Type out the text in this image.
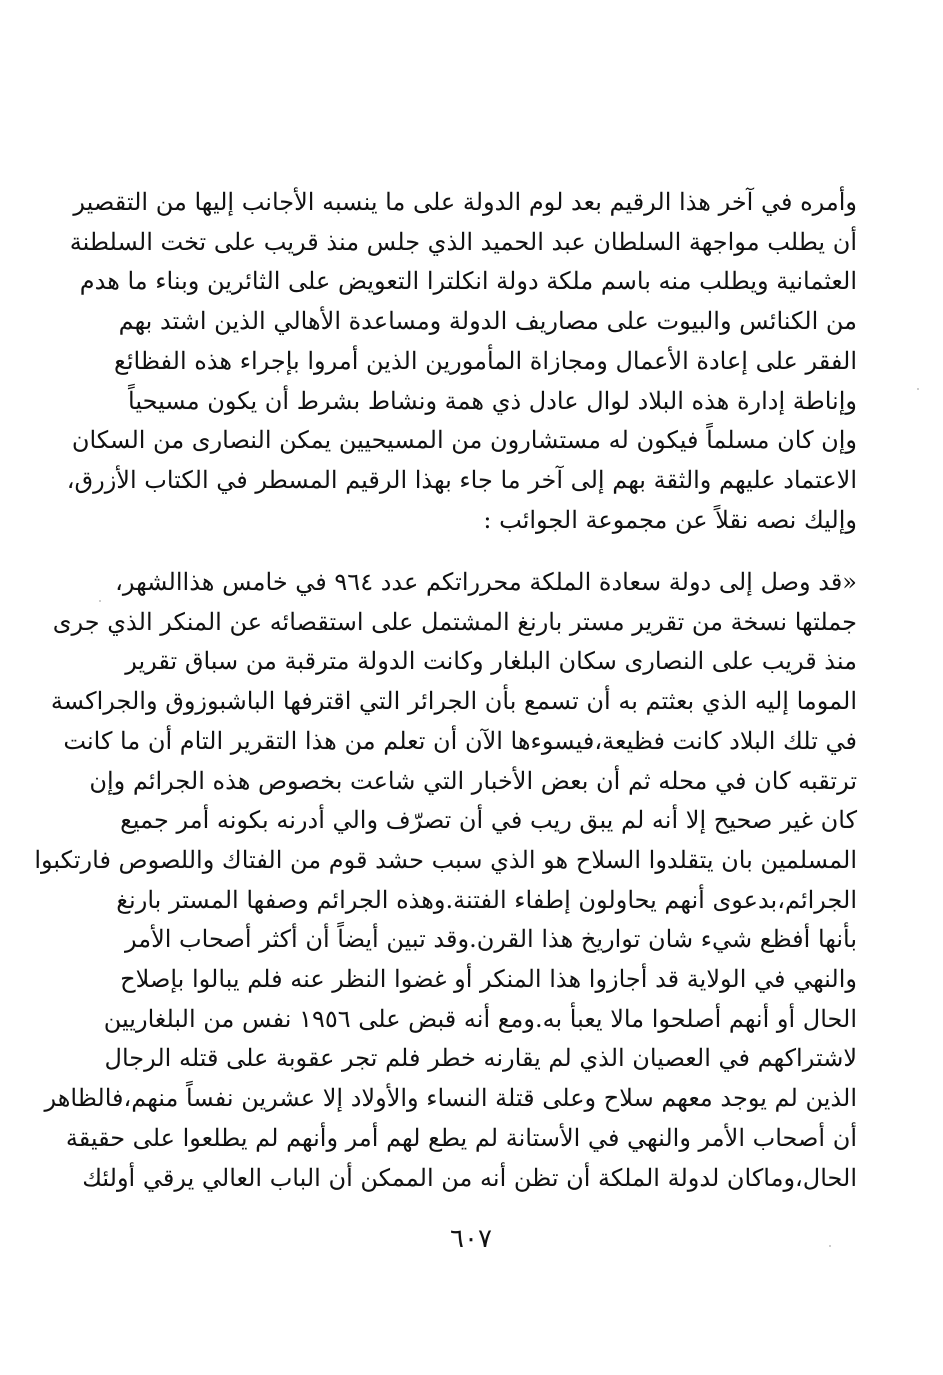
وأمره في آخر هذا الرقيم بعد لوم الدولة على ما ينسبه الأجانب إليها من التقصير
أن يطلب مواجهة السلطان عبد الحميد الذي جلس منذ قريب على تخت السلطنة
العثمانية ويطلب منه باسم ملكة دولة انكلترا التعويض على الثائرين وبناء ما هدم
من الكنائس والبيوت على مصاريف الدولة ومساعدة الأهالي الذين اشتد بهم
الفقر على إعادة الأعمال ومجازاة المأمورين الذين أمروا بإجراء هذه الفظائع
وإناطة إدارة هذه البلاد لوال عادل ذي همة ونشاط بشرط أن يكون مسيحياً
وإن كان مسلماً فيكون له مستشارون من المسيحيين يمكن النصارى من السكان
الاعتماد عليهم والثقة بهم إلى آخر ما جاء بهذا الرقيم المسطر في الكتاب الأزرق،
وإليك نصه نقلاً عن مجموعة الجوائب :
«قد وصل إلى دولة سعادة الملكة محرراتكم عدد ٩٦٤ في خامس هذاالشهر،
جملتها نسخة من تقرير مستر بارنغ المشتمل على استقصائه عن المنكر الذي جرى
منذ قريب على النصارى سكان البلغار وكانت الدولة مترقبة من سباق تقرير
الموما إليه الذي بعثتم به أن تسمع بأن الجرائر التي اقترفها الباشبوزوق والجراكسة
في تلك البلاد كانت فظيعة،فيسوءها الآن أن تعلم من هذا التقرير التام أن ما كانت
ترتقبه كان في محله ثم أن بعض الأخبار التي شاعت بخصوص هذه الجرائم وإن
كان غير صحيح إلا أنه لم يبق ريب في أن تصرّف والي أدرنه بكونه أمر جميع
المسلمين بان يتقلدوا السلاح هو الذي سبب حشد قوم من الفتاك واللصوص فارتكبوا
الجرائم،بدعوى أنهم يحاولون إطفاء الفتنة.وهذه الجرائم وصفها المستر بارنغ
بأنها أفظع شيء شان تواريخ هذا القرن.وقد تبين أيضاً أن أكثر أصحاب الأمر
والنهي في الولاية قد أجازوا هذا المنكر أو غضوا النظر عنه فلم يبالوا بإصلاح
الحال أو أنهم أصلحوا مالا يعبأ به.ومع أنه قبض على ١٩٥٦ نفس من البلغاريين
لاشتراكهم في العصيان الذي لم يقارنه خطر فلم تجر عقوبة على قتله الرجال
الذين لم يوجد معهم سلاح وعلى قتلة النساء والأولاد إلا عشرين نفساً منهم،فالظاهر
أن أصحاب الأمر والنهي في الأستانة لم يطع لهم أمر وأنهم لم يطلعوا على حقيقة
الحال،وماكان لدولة الملكة أن تظن أنه من الممكن أن الباب العالي يرقي أولئك
٦٠٧
